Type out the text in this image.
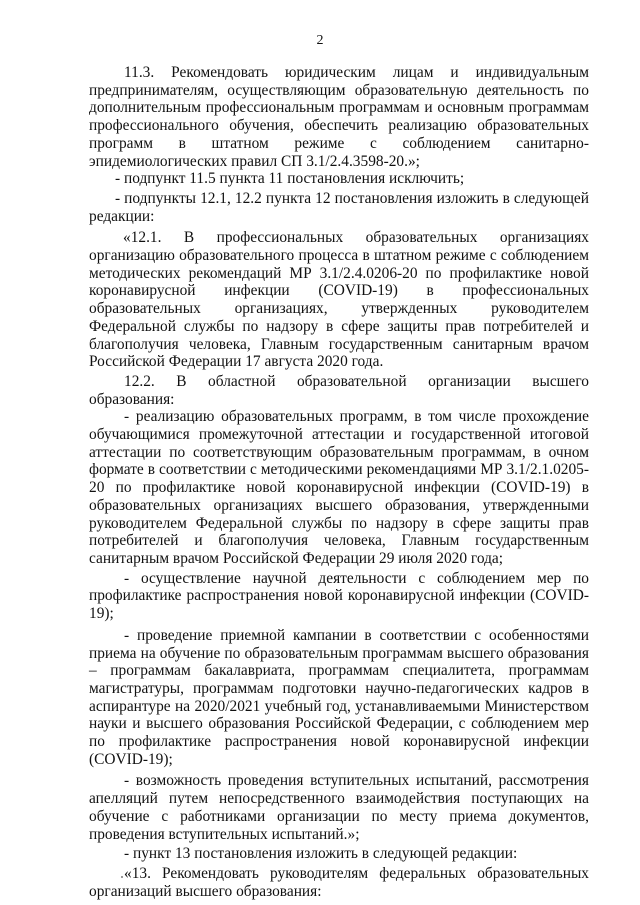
2

11.3. Рекомендовать юридическим лицам и индивидуальным предпринимателям, осуществляющим образовательную деятельность по дополнительным профессиональным программам и основным программам профессионального обучения, обеспечить реализацию образовательных программ в штатном режиме с соблюдением санитарно-эпидемиологических правил СП 3.1/2.4.3598-20.»;

- подпункт 11.5 пункта 11 постановления исключить;

- подпункты 12.1, 12.2 пункта 12 постановления изложить в следующей редакции:

«12.1. В профессиональных образовательных организациях организацию образовательного процесса в штатном режиме с соблюдением методических рекомендаций МР 3.1/2.4.0206-20 по профилактике новой коронавирусной инфекции (COVID-19) в профессиональных образовательных организациях, утвержденных руководителем Федеральной службы по надзору в сфере защиты прав потребителей и благополучия человека, Главным государственным санитарным врачом Российской Федерации 17 августа 2020 года.

12.2. В областной образовательной организации высшего образования:

- реализацию образовательных программ, в том числе прохождение обучающимися промежуточной аттестации и государственной итоговой аттестации по соответствующим образовательным программам, в очном формате в соответствии с методическими рекомендациями МР 3.1/2.1.0205-20 по профилактике новой коронавирусной инфекции (COVID-19) в образовательных организациях высшего образования, утвержденными руководителем Федеральной службы по надзору в сфере защиты прав потребителей и благополучия человека, Главным государственным санитарным врачом Российской Федерации 29 июля 2020 года;

- осуществление научной деятельности с соблюдением мер по профилактике распространения новой коронавирусной инфекции (COVID-19);

- проведение приемной кампании в соответствии с особенностями приема на обучение по образовательным программам высшего образования – программам бакалавриата, программам специалитета, программам магистратуры, программам подготовки научно-педагогических кадров в аспирантуре на 2020/2021 учебный год, устанавливаемыми Министерством науки и высшего образования Российской Федерации, с соблюдением мер по профилактике распространения новой коронавирусной инфекции (COVID-19);

- возможность проведения вступительных испытаний, рассмотрения апелляций путем непосредственного взаимодействия поступающих на обучение с работниками организации по месту приема документов, проведения вступительных испытаний.»;

- пункт 13 постановления изложить в следующей редакции:

«13. Рекомендовать руководителям федеральных образовательных организаций высшего образования:
